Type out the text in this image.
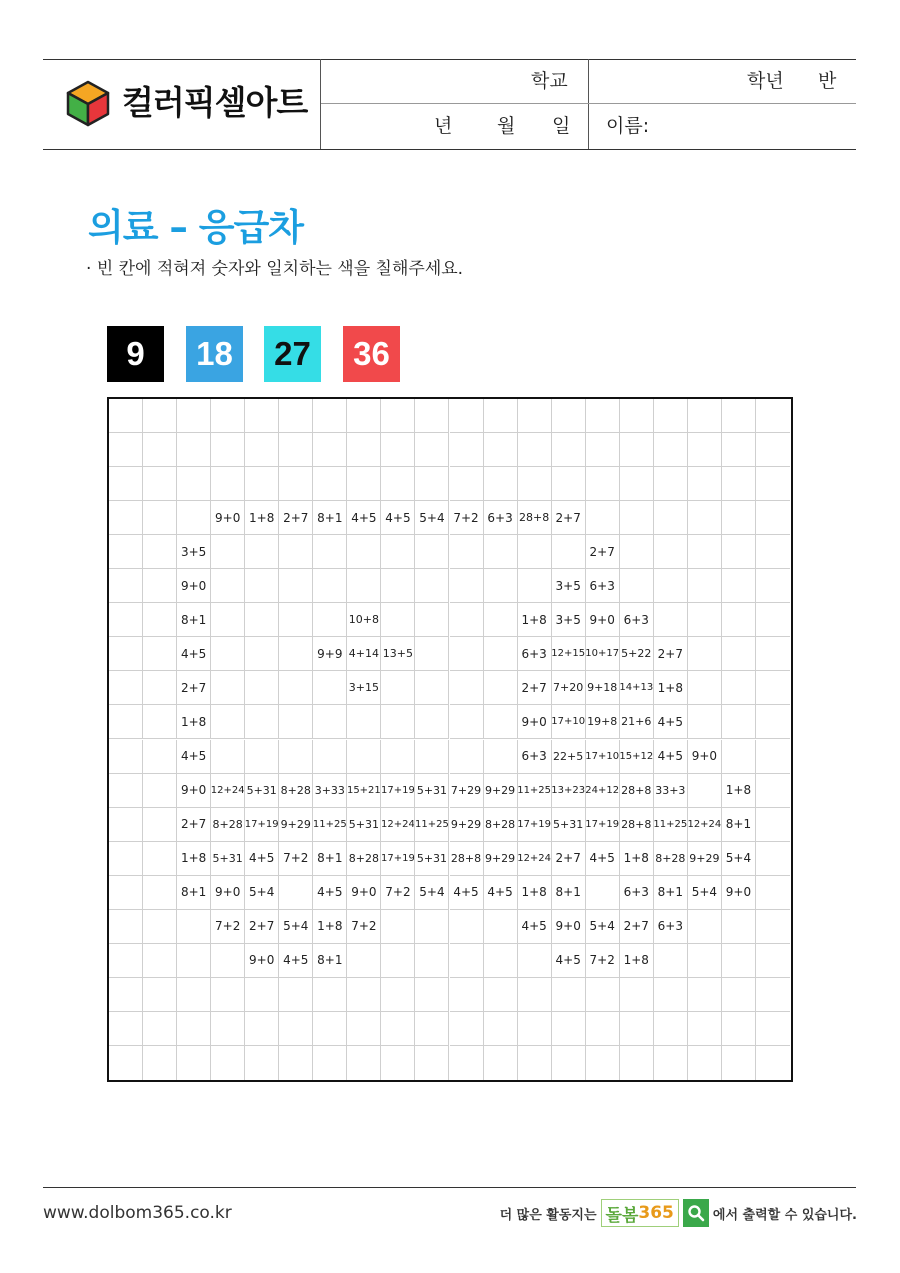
컬러픽셀아트
학교	학년 반
년 월 일 이름:
의료 – 응급차
· 빈 칸에 적혀져 숫자와 일치하는 색을 칠해주세요.
9	18	27	36
9+0 1+8 2+7 8+1 4+5 4+5 5+4 7+2 6+3 28+8 2+7
3+5	2+7
9+0	3+5 6+3
8+1	10+8	1+8 3+5 9+0 6+3
4+5	9+9 4+14 13+5	6+3 12+15 10+17 5+22 2+7
2+7	3+15	2+7 7+20 9+18 14+13 1+8
1+8	9+0 17+10 19+8 21+6 4+5
4+5	6+3 22+5 17+10 15+12 4+5 9+0
9+0 12+24 5+31 8+28 3+33 15+21 17+19 5+31 7+29 9+29 11+25 13+23 24+12 28+8 33+3	1+8
2+7 8+28 17+19 9+29 11+25 5+31 12+24 11+25 9+29 8+28 17+19 5+31 17+19 28+8 11+25 12+24 8+1
1+8 5+31 4+5 7+2 8+1 8+28 17+19 5+31 28+8 9+29 12+24 2+7 4+5 1+8 8+28 9+29 5+4
8+1 9+0 5+4	4+5 9+0 7+2 5+4 4+5 4+5 1+8 8+1	6+3 8+1 5+4 9+0
7+2 2+7 5+4 1+8 7+2	4+5 9+0 5+4 2+7 6+3
9+0 4+5 8+1	4+5 7+2 1+8
www.dolbom365.co.kr	더 많은 활동지는 돌봄 365	에서 출력할 수 있습니다.
